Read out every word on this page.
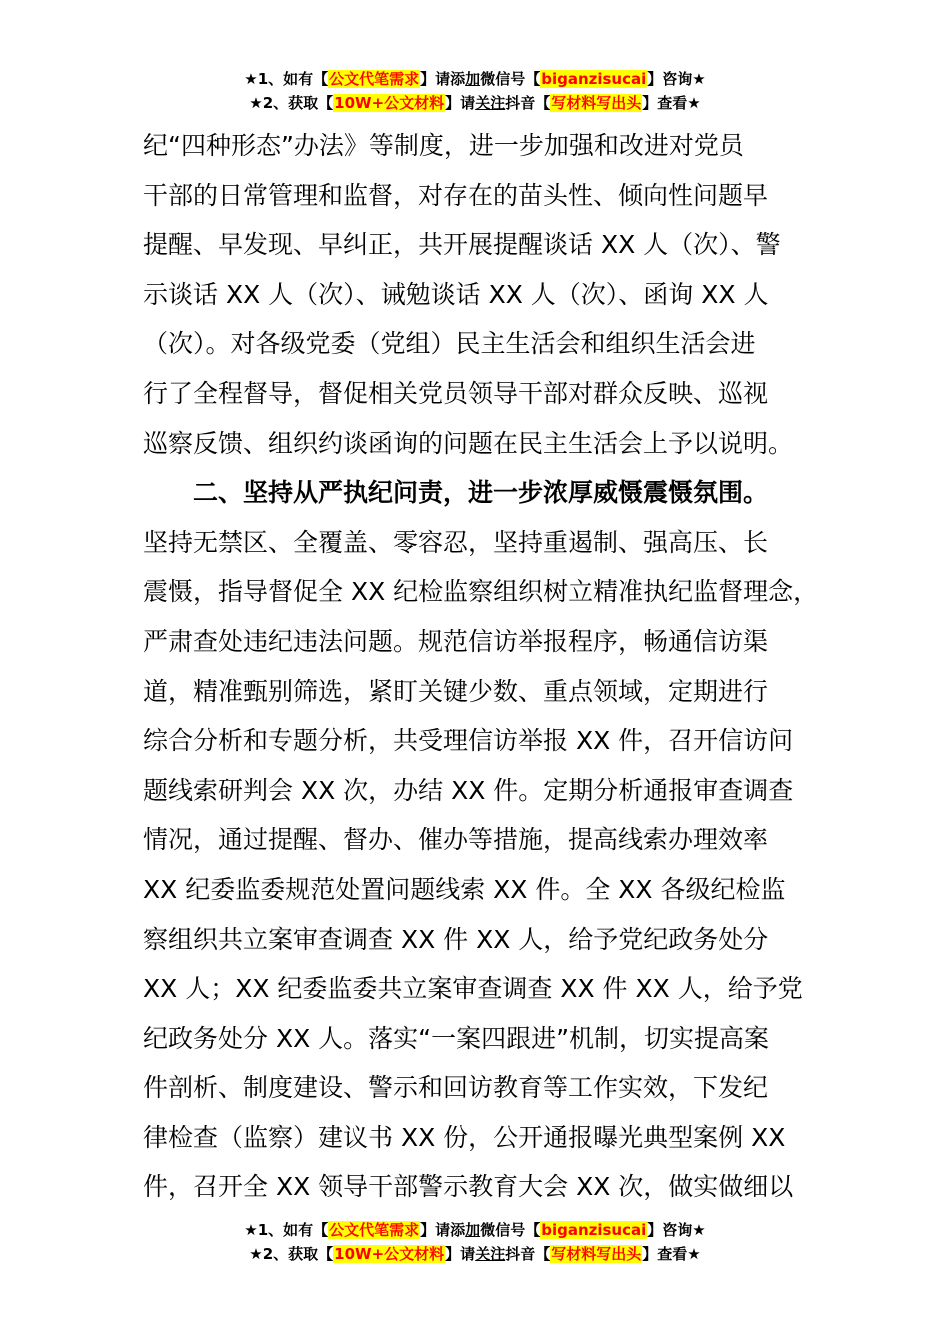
★1、如有【公文代笔需求】请添加微信号【biganzisucai】咨询★
★2、获取【10W+公文材料】请关注抖音【写材料写出头】查看★

纪“四种形态”办法》等制度，进一步加强和改进对党员

干部的日常管理和监督，对存在的苗头性、倾向性问题早

提醒、早发现、早纠正，共开展提醒谈话 XX 人（次）、警

示谈话 XX 人（次）、诫勉谈话 XX 人（次）、函询 XX 人

（次）。对各级党委（党组）民主生活会和组织生活会进

行了全程督导，督促相关党员领导干部对群众反映、巡视

巡察反馈、组织约谈函询的问题在民主生活会上予以说明。

二、坚持从严执纪问责，进一步浓厚威慑震慑氛围。

坚持无禁区、全覆盖、零容忍，坚持重遏制、强高压、长

震慑，指导督促全 XX 纪检监察组织树立精准执纪监督理念，

严肃查处违纪违法问题。规范信访举报程序，畅通信访渠

道，精准甄别筛选，紧盯关键少数、重点领域，定期进行

综合分析和专题分析，共受理信访举报 XX 件，召开信访问

题线索研判会 XX 次，办结 XX 件。定期分析通报审查调查

情况，通过提醒、督办、催办等措施，提高线索办理效率

XX 纪委监委规范处置问题线索 XX 件。全 XX 各级纪检监

察组织共立案审查调查 XX 件 XX 人，给予党纪政务处分

XX 人；XX 纪委监委共立案审查调查 XX 件 XX 人，给予党

纪政务处分 XX 人。落实“一案四跟进”机制，切实提高案

件剖析、制度建设、警示和回访教育等工作实效，下发纪

律检查（监察）建议书 XX 份，公开通报曝光典型案例 XX

件，召开全 XX 领导干部警示教育大会 XX 次，做实做细以

★1、如有【公文代笔需求】请添加微信号【biganzisucai】咨询★
★2、获取【10W+公文材料】请关注抖音【写材料写出头】查看★
